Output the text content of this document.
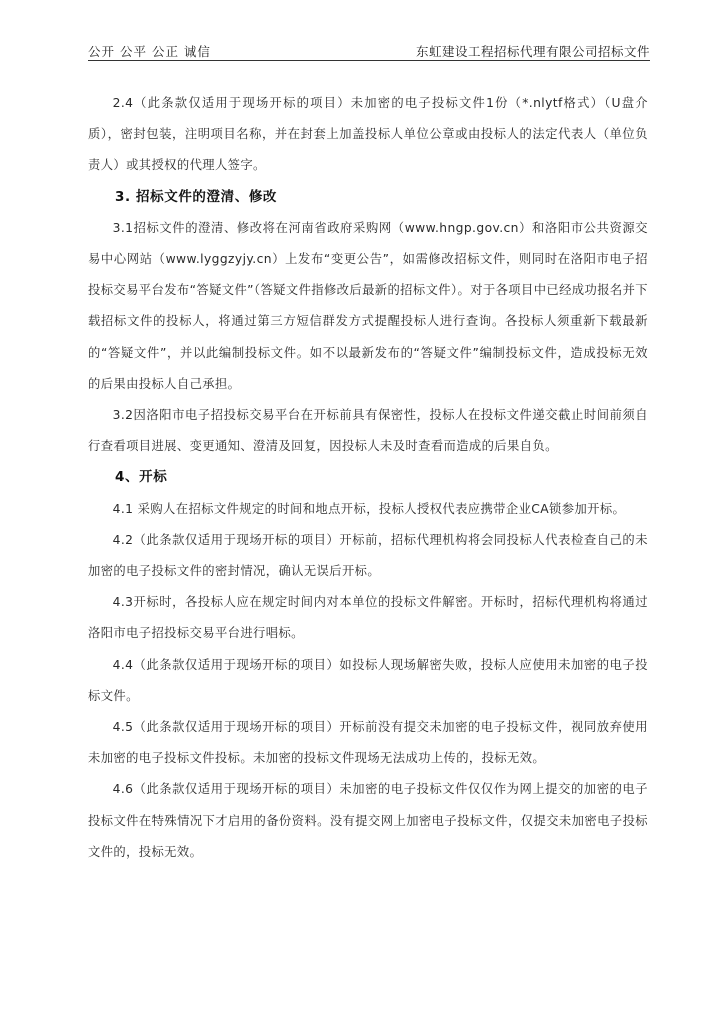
公开 公平 公正 诚信	东虹建设工程招标代理有限公司招标文件

2.4（此条款仅适用于现场开标的项目）未加密的电子投标文件1份（*.nlytf格式）（U盘介质），密封包装，注明项目名称，并在封套上加盖投标人单位公章或由投标人的法定代表人（单位负责人）或其授权的代理人签字。

3. 招标文件的澄清、修改

3.1招标文件的澄清、修改将在河南省政府采购网（www.hngp.gov.cn）和洛阳市公共资源交易中心网站（www.lyggzyjy.cn）上发布“变更公告”，如需修改招标文件，则同时在洛阳市电子招投标交易平台发布“答疑文件”（答疑文件指修改后最新的招标文件）。对于各项目中已经成功报名并下载招标文件的投标人，将通过第三方短信群发方式提醒投标人进行查询。各投标人须重新下载最新的“答疑文件”，并以此编制投标文件。如不以最新发布的“答疑文件”编制投标文件，造成投标无效的后果由投标人自己承担。

3.2因洛阳市电子招投标交易平台在开标前具有保密性，投标人在投标文件递交截止时间前须自行查看项目进展、变更通知、澄清及回复，因投标人未及时查看而造成的后果自负。

4、开标

4.1 采购人在招标文件规定的时间和地点开标，投标人授权代表应携带企业CA锁参加开标。

4.2（此条款仅适用于现场开标的项目）开标前，招标代理机构将会同投标人代表检查自己的未加密的电子投标文件的密封情况，确认无误后开标。

4.3开标时，各投标人应在规定时间内对本单位的投标文件解密。开标时，招标代理机构将通过洛阳市电子招投标交易平台进行唱标。

4.4（此条款仅适用于现场开标的项目）如投标人现场解密失败，投标人应使用未加密的电子投标文件。

4.5（此条款仅适用于现场开标的项目）开标前没有提交未加密的电子投标文件，视同放弃使用未加密的电子投标文件投标。未加密的投标文件现场无法成功上传的，投标无效。

4.6（此条款仅适用于现场开标的项目）未加密的电子投标文件仅仅作为网上提交的加密的电子投标文件在特殊情况下才启用的备份资料。没有提交网上加密电子投标文件，仅提交未加密电子投标文件的，投标无效。
